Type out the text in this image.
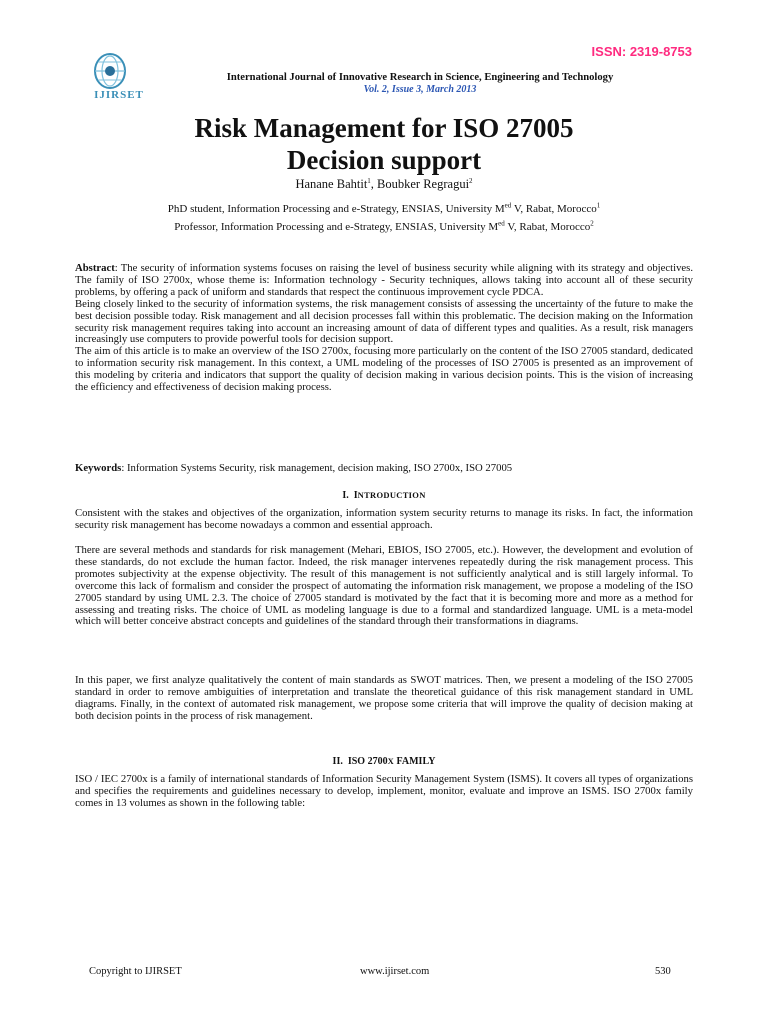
ISSN: 2319-8753
IJIRSET
International Journal of Innovative Research in Science, Engineering and Technology
Vol. 2, Issue 3, March 2013
Risk Management for ISO 27005
Decision support
Hanane Bahtit$^1$, Boubker Regragui$^2$
PhD student, Information Processing and e-Strategy, ENSIAS, University $M^{ed}$ V, Rabat, Morocco$^1$
Professor, Information Processing and e-Strategy, ENSIAS, University $M^{ed}$ V, Rabat, Morocco$^2$

Abstract: The security of information systems focuses on raising the level of business security while aligning with its strategy and objectives. The family of ISO 2700x, whose theme is: Information technology - Security techniques, allows taking into account all of these security problems, by offering a pack of uniform and standards that respect the continuous improvement cycle PDCA.

Being closely linked to the security of information systems, the risk management consists of assessing the uncertainty of the future to make the best decision possible today. Risk management and all decision processes fall within this problematic. The decision making on the Information security risk management requires taking into account an increasing amount of data of different types and qualities. As a result, risk managers increasingly use computers to provide powerful tools for decision support.

The aim of this article is to make an overview of the ISO 2700x, focusing more particularly on the content of the ISO 27005 standard, dedicated to information security risk management. In this context, a UML modeling of the processes of ISO 27005 is presented as an improvement of this modeling by criteria and indicators that support the quality of decision making in various decision points. This is the vision of increasing the efficiency and effectiveness of decision making process.

Keywords: Information Systems Security, risk management, decision making, ISO 2700x, ISO 27005

I. INTRODUCTION

Consistent with the stakes and objectives of the organization, information system security returns to manage its risks. In fact, the information security risk management has become nowadays a common and essential approach.

There are several methods and standards for risk management (Mehari, EBIOS, ISO 27005, etc.). However, the development and evolution of these standards, do not exclude the human factor. Indeed, the risk manager intervenes repeatedly during the risk management process. This promotes subjectivity at the expense objectivity. The result of this management is not sufficiently analytical and is still largely informal. To overcome this lack of formalism and consider the prospect of automating the information risk management, we propose a modeling of the ISO 27005 standard by using UML 2.3. The choice of 27005 standard is motivated by the fact that it is becoming more and more as a method for assessing and treating risks. The choice of UML as modeling language is due to a formal and standardized language. UML is a meta-model which will better conceive abstract concepts and guidelines of the standard through their transformations in diagrams.

In this paper, we first analyze qualitatively the content of main standards as SWOT matrices. Then, we present a modeling of the ISO 27005 standard in order to remove ambiguities of interpretation and translate the theoretical guidance of this risk management standard in UML diagrams. Finally, in the context of automated risk management, we propose some criteria that will improve the quality of decision making at both decision points in the process of risk management.

II. ISO 2700X FAMILY

ISO / IEC 2700x is a family of international standards of Information Security Management System (ISMS). It covers all types of organizations and specifies the requirements and guidelines necessary to develop, implement, monitor, evaluate and improve an ISMS. ISO 2700x family comes in 13 volumes as shown in the following table:

Copyright to IJIRSET	www.ijirset.com	530
